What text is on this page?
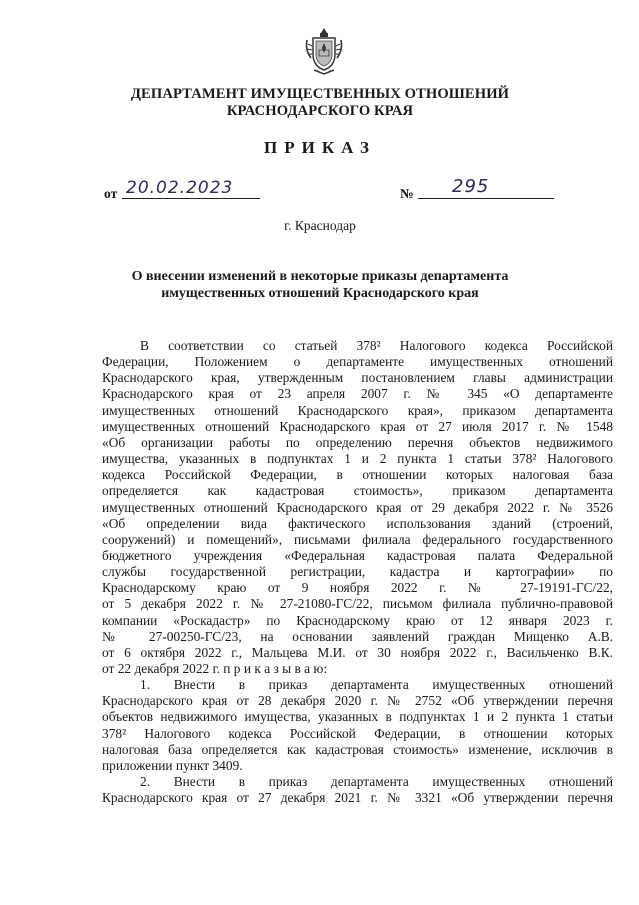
ДЕПАРТАМЕНТ ИМУЩЕСТВЕННЫХ ОТНОШЕНИЙ
КРАСНОДАРСКОГО КРАЯ
ПРИКАЗ
от 20.02.2023	№ 295
г. Краснодар
О внесении изменений в некоторые приказы департамента
имущественных отношений Краснодарского края
В соответствии со статьей 378² Налогового кодекса Российской
Федерации, Положением о департаменте имущественных отношений
Краснодарского края, утвержденным постановлением главы администрации
Краснодарского края от 23 апреля 2007 г. № 345 «О департаменте
имущественных отношений Краснодарского края», приказом департамента
имущественных отношений Краснодарского края от 27 июля 2017 г. № 1548
«Об организации работы по определению перечня объектов недвижимого
имущества, указанных в подпунктах 1 и 2 пункта 1 статьи 378² Налогового
кодекса Российской Федерации, в отношении которых налоговая база
определяется как кадастровая стоимость», приказом департамента
имущественных отношений Краснодарского края от 29 декабря 2022 г. № 3526
«Об определении вида фактического использования зданий (строений,
сооружений) и помещений», письмами филиала федерального государственного
бюджетного учреждения «Федеральная кадастровая палата Федеральной
службы государственной регистрации, кадастра и картографии» по
Краснодарскому краю от 9 ноября 2022 г. № 27-19191-ГС/22,
от 5 декабря 2022 г. № 27-21080-ГС/22, письмом филиала публично-правовой
компании «Роскадастр» по Краснодарскому краю от 12 января 2023 г.
№ 27-00250-ГС/23, на основании заявлений граждан Мищенко А.В.
от 6 октября 2022 г., Мальцева М.И. от 30 ноября 2022 г., Васильченко В.К.
от 22 декабря 2022 г. п р и к а з ы в а ю:
1. Внести в приказ департамента имущественных отношений
Краснодарского края от 28 декабря 2020 г. № 2752 «Об утверждении перечня
объектов недвижимого имущества, указанных в подпунктах 1 и 2 пункта 1 статьи
378² Налогового кодекса Российской Федерации, в отношении которых
налоговая база определяется как кадастровая стоимость» изменение, исключив в
приложении пункт 3409.
2. Внести в приказ департамента имущественных отношений
Краснодарского края от 27 декабря 2021 г. № 3321 «Об утверждении перечня
